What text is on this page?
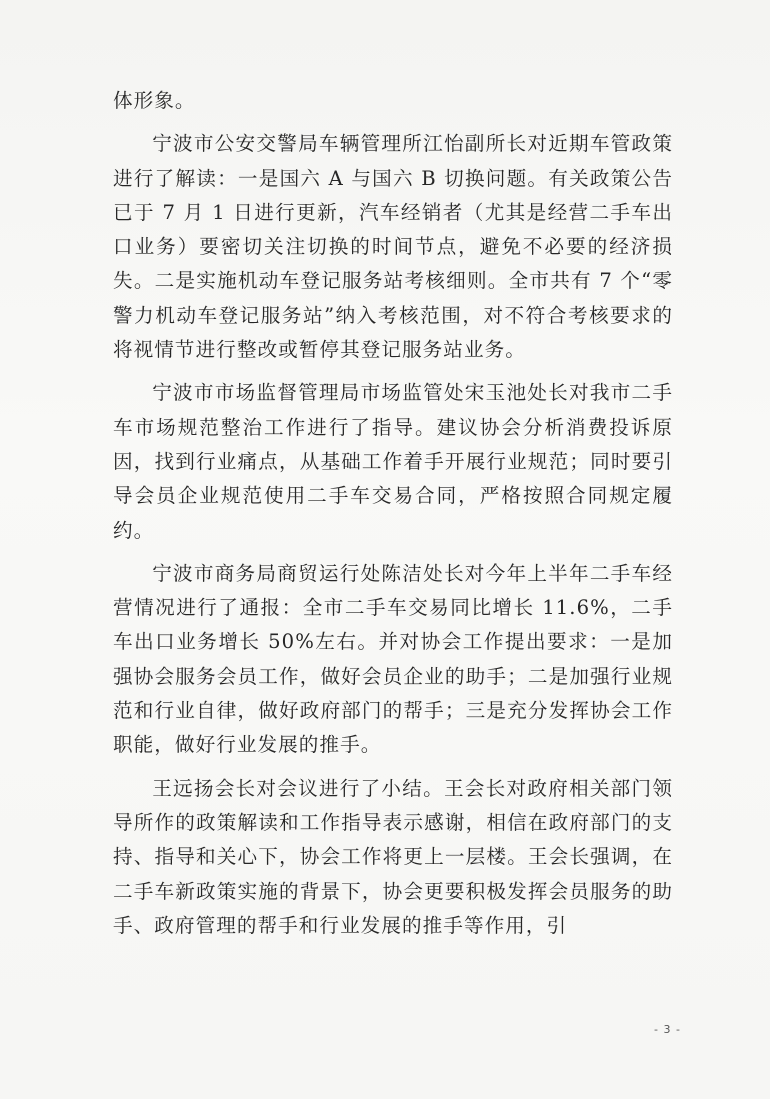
体形象。

宁波市公安交警局车辆管理所江怡副所长对近期车管政策进行了解读：一是国六 A 与国六 B 切换问题。有关政策公告已于 7 月 1 日进行更新，汽车经销者（尤其是经营二手车出口业务）要密切关注切换的时间节点，避免不必要的经济损失。二是实施机动车登记服务站考核细则。全市共有 7 个“零警力机动车登记服务站”纳入考核范围，对不符合考核要求的将视情节进行整改或暂停其登记服务站业务。

宁波市市场监督管理局市场监管处宋玉池处长对我市二手车市场规范整治工作进行了指导。建议协会分析消费投诉原因，找到行业痛点，从基础工作着手开展行业规范；同时要引导会员企业规范使用二手车交易合同，严格按照合同规定履约。

宁波市商务局商贸运行处陈洁处长对今年上半年二手车经营情况进行了通报：全市二手车交易同比增长 11.6%，二手车出口业务增长 50%左右。并对协会工作提出要求：一是加强协会服务会员工作，做好会员企业的助手；二是加强行业规范和行业自律，做好政府部门的帮手；三是充分发挥协会工作职能，做好行业发展的推手。

王远扬会长对会议进行了小结。王会长对政府相关部门领导所作的政策解读和工作指导表示感谢，相信在政府部门的支持、指导和关心下，协会工作将更上一层楼。王会长强调，在二手车新政策实施的背景下，协会更要积极发挥会员服务的助手、政府管理的帮手和行业发展的推手等作用，引

- 3 -
